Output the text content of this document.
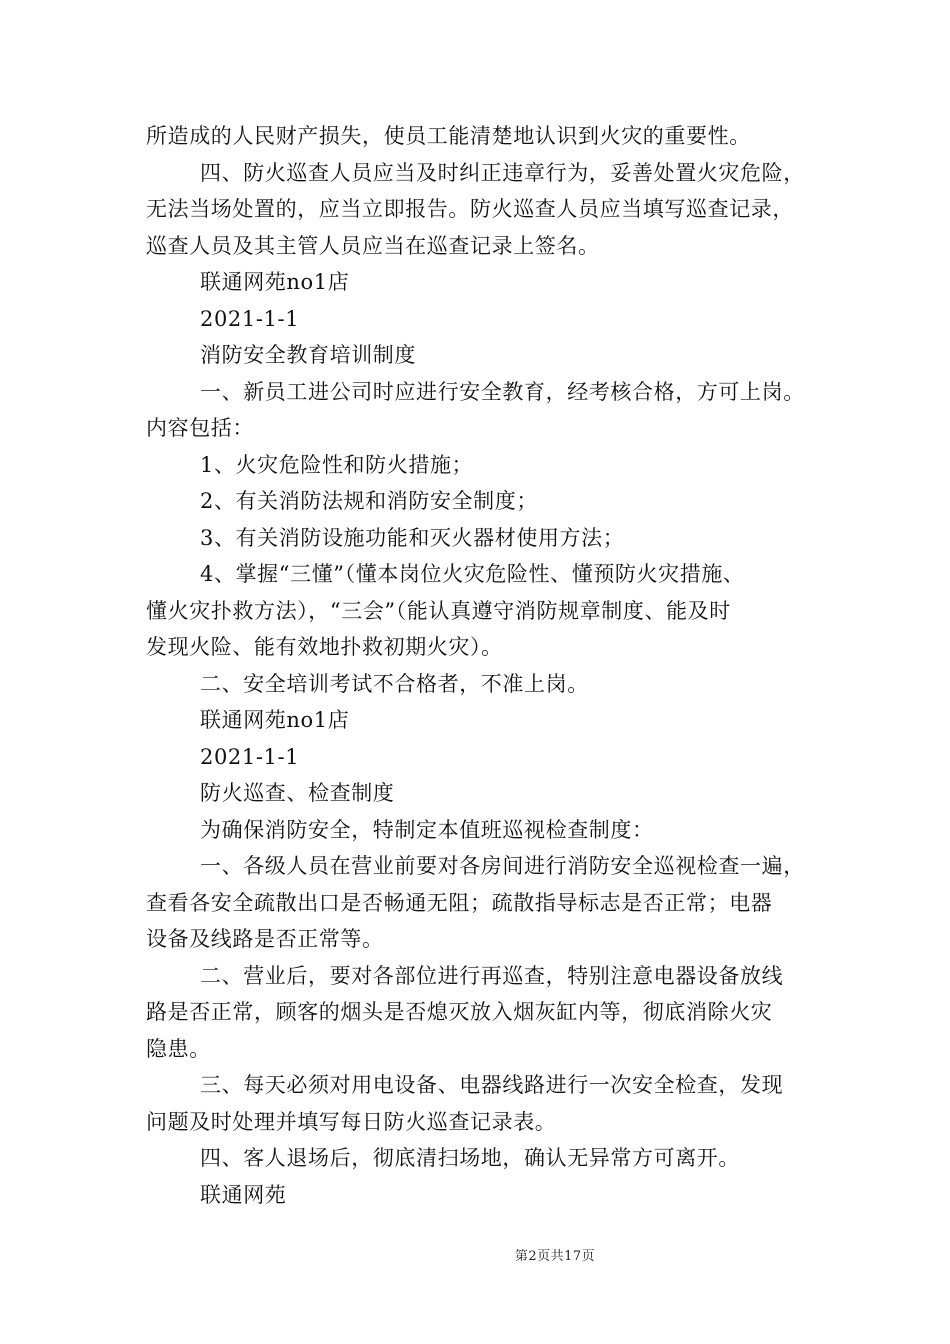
所造成的人民财产损失，使员工能清楚地认识到火灾的重要性。
四、防火巡查人员应当及时纠正违章行为，妥善处置火灾危险，
无法当场处置的，应当立即报告。防火巡查人员应当填写巡查记录，
巡查人员及其主管人员应当在巡查记录上签名。
联通网苑no1店
2021-1-1
消防安全教育培训制度
一、新员工进公司时应进行安全教育，经考核合格，方可上岗。
内容包括：
1、火灾危险性和防火措施；
2、有关消防法规和消防安全制度；
3、有关消防设施功能和灭火器材使用方法；
4、掌握“三懂”（懂本岗位火灾危险性、懂预防火灾措施、
懂火灾扑救方法），“三会”（能认真遵守消防规章制度、能及时
发现火险、能有效地扑救初期火灾）。
二、安全培训考试不合格者，不准上岗。
联通网苑no1店
2021-1-1
防火巡查、检查制度
为确保消防安全，特制定本值班巡视检查制度：
一、各级人员在营业前要对各房间进行消防安全巡视检查一遍，
查看各安全疏散出口是否畅通无阻；疏散指导标志是否正常；电器
设备及线路是否正常等。
二、营业后，要对各部位进行再巡查，特别注意电器设备放线
路是否正常，顾客的烟头是否熄灭放入烟灰缸内等，彻底消除火灾
隐患。
三、每天必须对用电设备、电器线路进行一次安全检查，发现
问题及时处理并填写每日防火巡查记录表。
四、客人退场后，彻底清扫场地，确认无异常方可离开。
联通网苑
第2页共17页
